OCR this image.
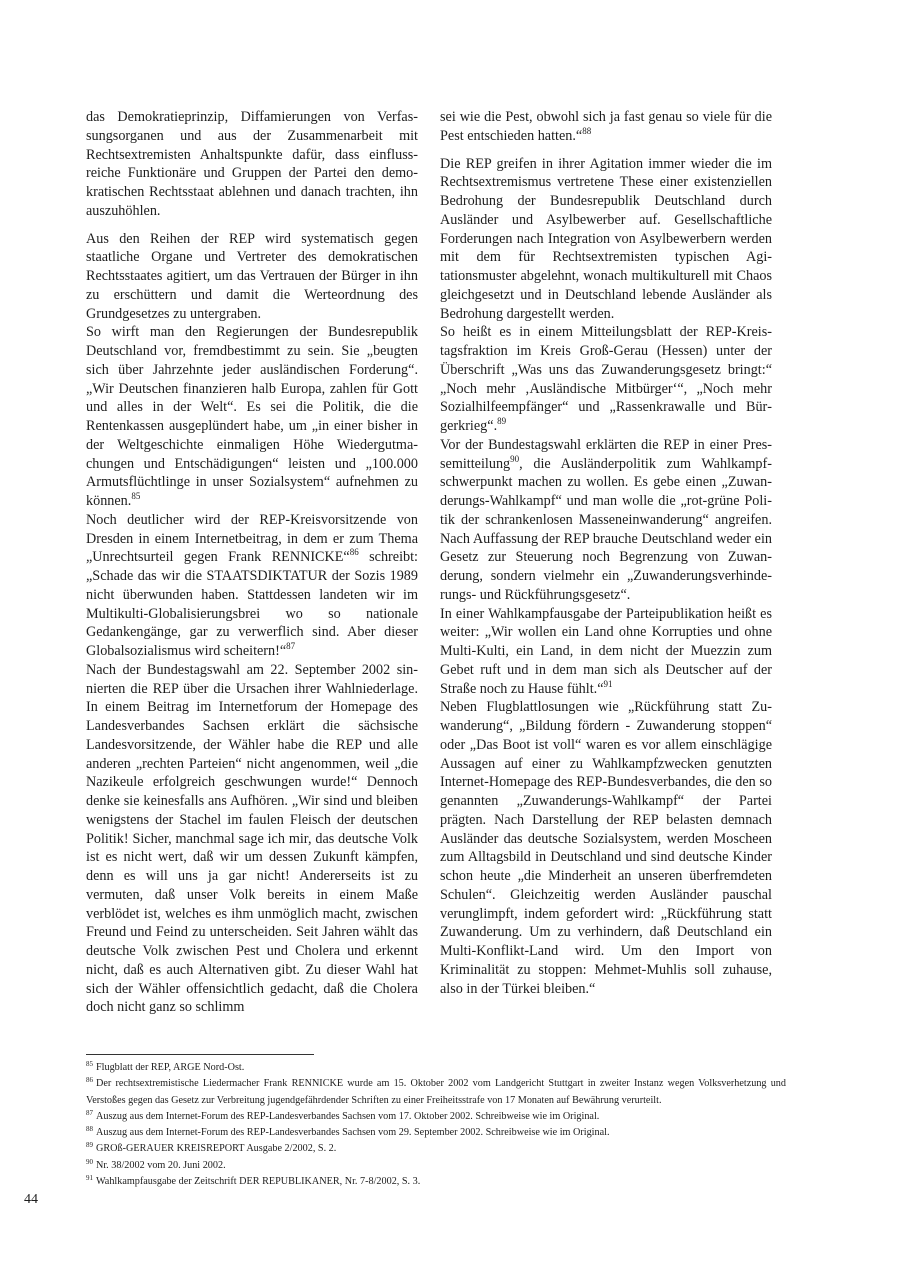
das Demokratieprinzip, Diffamierungen von Verfassungsorganen und aus der Zusammenarbeit mit Rechtsextremisten Anhaltspunkte dafür, dass einflussreiche Funktionäre und Gruppen der Partei den demokratischen Rechtsstaat ablehnen und danach trachten, ihn auszuhöhlen.

Aus den Reihen der REP wird systematisch gegen staatliche Organe und Vertreter des demokratischen Rechtsstaates agitiert, um das Vertrauen der Bürger in ihn zu erschüttern und damit die Werteordnung des Grundgesetzes zu untergraben.

So wirft man den Regierungen der Bundesrepublik Deutschland vor, fremdbestimmt zu sein. Sie „beugten sich über Jahrzehnte jeder ausländischen Forderung“. „Wir Deutschen finanzieren halb Europa, zahlen für Gott und alles in der Welt“. Es sei die Politik, die die Rentenkassen ausgeplündert habe, um „in einer bisher in der Weltgeschichte einmaligen Höhe Wiedergutmachungen und Entschädigungen“ leisten und „100.000 Armutsflüchtlinge in unser Sozialsystem“ aufnehmen zu können.$^{85}$

Noch deutlicher wird der REP-Kreisvorsitzende von Dresden in einem Internetbeitrag, in dem er zum Thema „Unrechtsurteil gegen Frank RENNICKE“$^{86}$ schreibt: „Schade das wir die STAATSDIKTATUR der Sozis 1989 nicht überwunden haben. Stattdessen landeten wir im Multikulti-Globalisierungsbrei wo so nationale Gedankengänge, gar zu verwerflich sind. Aber dieser Globalsozialismus wird scheitern!“$^{87}$

Nach der Bundestagswahl am 22. September 2002 sinnierten die REP über die Ursachen ihrer Wahlniederlage. In einem Beitrag im Internetforum der Homepage des Landesverbandes Sachsen erklärt die sächsische Landesvorsitzende, der Wähler habe die REP und alle anderen „rechten Parteien“ nicht angenommen, weil „die Nazikeule erfolgreich geschwungen wurde!“ Dennoch denke sie keinesfalls ans Aufhören. „Wir sind und bleiben wenigstens der Stachel im faulen Fleisch der deutschen Politik! Sicher, manchmal sage ich mir, das deutsche Volk ist es nicht wert, daß wir um dessen Zukunft kämpfen, denn es will uns ja gar nicht! Andererseits ist zu vermuten, daß unser Volk bereits in einem Maße verblödet ist, welches es ihm unmöglich macht, zwischen Freund und Feind zu unterscheiden. Seit Jahren wählt das deutsche Volk zwischen Pest und Cholera und erkennt nicht, daß es auch Alternativen gibt. Zu dieser Wahl hat sich der Wähler offensichtlich gedacht, daß die Cholera doch nicht ganz so schlimm

sei wie die Pest, obwohl sich ja fast genau so viele für die Pest entschieden hatten.“$^{88}$

Die REP greifen in ihrer Agitation immer wieder die im Rechtsextremismus vertretene These einer existenziellen Bedrohung der Bundesrepublik Deutschland durch Ausländer und Asylbewerber auf. Gesellschaftliche Forderungen nach Integration von Asylbewerbern werden mit dem für Rechtsextremisten typischen Agitationsmuster abgelehnt, wonach multikulturell mit Chaos gleichgesetzt und in Deutschland lebende Ausländer als Bedrohung dargestellt werden.

So heißt es in einem Mitteilungsblatt der REP-Kreistagsfraktion im Kreis Groß-Gerau (Hessen) unter der Überschrift „Was uns das Zuwanderungsgesetz bringt:“ „Noch mehr ‚Ausländische Mitbürger‘“, „Noch mehr Sozialhilfeempfänger“ und „Rassenkrawalle und Bürgerkrieg“.$^{89}$

Vor der Bundestagswahl erklärten die REP in einer Pressemitteilung$^{90}$, die Ausländerpolitik zum Wahlkampfschwerpunkt machen zu wollen. Es gebe einen „Zuwanderungs-Wahlkampf“ und man wolle die „rot-grüne Politik der schrankenlosen Masseneinwanderung“ angreifen. Nach Auffassung der REP brauche Deutschland weder ein Gesetz zur Steuerung noch Begrenzung von Zuwanderung, sondern vielmehr ein „Zuwanderungsverhinderungs- und Rückführungsgesetz“.

In einer Wahlkampfausgabe der Parteipublikation heißt es weiter: „Wir wollen ein Land ohne Korrupties und ohne Multi-Kulti, ein Land, in dem nicht der Muezzin zum Gebet ruft und in dem man sich als Deutscher auf der Straße noch zu Hause fühlt.“$^{91}$

Neben Flugblattlosungen wie „Rückführung statt Zuwanderung“, „Bildung fördern - Zuwanderung stoppen“ oder „Das Boot ist voll“ waren es vor allem einschlägige Aussagen auf einer zu Wahlkampfzwecken genutzten Internet-Homepage des REP-Bundesverbandes, die den so genannten „Zuwanderungs-Wahlkampf“ der Partei prägten. Nach Darstellung der REP belasten demnach Ausländer das deutsche Sozialsystem, werden Moscheen zum Alltagsbild in Deutschland und sind deutsche Kinder schon heute „die Minderheit an unseren überfremdeten Schulen“. Gleichzeitig werden Ausländer pauschal verunglimpft, indem gefordert wird: „Rückführung statt Zuwanderung. Um zu verhindern, daß Deutschland ein Multi-Konflikt-Land wird. Um den Import von Kriminalität zu stoppen: Mehmet-Muhlis soll zuhause, also in der Türkei bleiben.“

$^{85}$ Flugblatt der REP, ARGE Nord-Ost.

$^{86}$ Der rechtsextremistische Liedermacher Frank RENNICKE wurde am 15. Oktober 2002 vom Landgericht Stuttgart in zweiter Instanz wegen Volksverhetzung und Verstoßes gegen das Gesetz zur Verbreitung jugendgefährdender Schriften zu einer Freiheitsstrafe von 17 Monaten auf Bewährung verurteilt.

$^{87}$ Auszug aus dem Internet-Forum des REP-Landesverbandes Sachsen vom 17. Oktober 2002. Schreibweise wie im Original.

$^{88}$ Auszug aus dem Internet-Forum des REP-Landesverbandes Sachsen vom 29. September 2002. Schreibweise wie im Original.

$^{89}$ GROß-GERAUER KREISREPORT Ausgabe 2/2002, S. 2.

$^{90}$ Nr. 38/2002 vom 20. Juni 2002.

$^{91}$ Wahlkampfausgabe der Zeitschrift DER REPUBLIKANER, Nr. 7-8/2002, S. 3.

44
